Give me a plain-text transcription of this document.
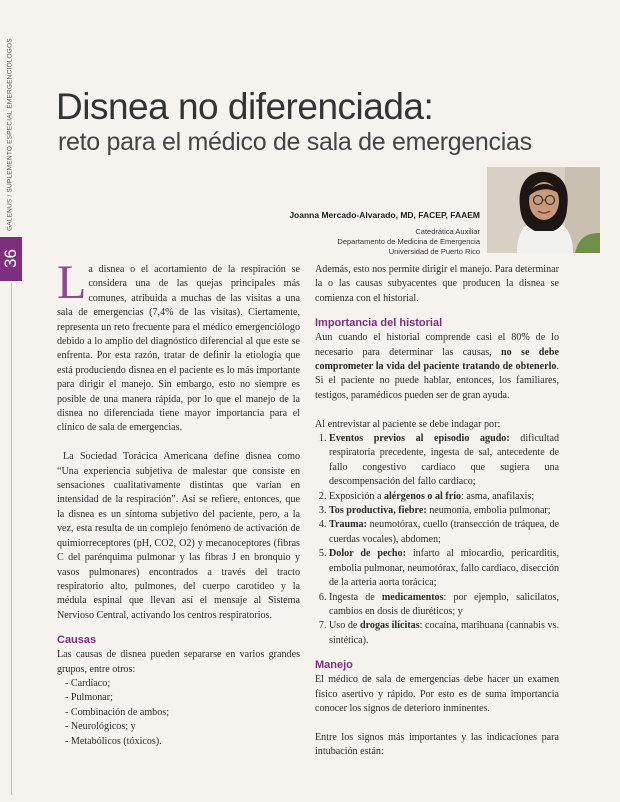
GALENUS / SUPLEMENTO ESPECIAL EMERGENCIÓLOGOS
36
Disnea no diferenciada:
reto para el médico de sala de emergencias
Joanna Mercado-Alvarado, MD, FACEP, FAAEM
Catedrática Auxiliar
Departamento de Medicina de Emergencia
Universidad de Puerto Rico

La disnea o el acortamiento de la respiración se considera una de las quejas principales más comunes, atribuida a muchas de las visitas a una sala de emergencias (7,4% de las visitas). Ciertamente, representa un reto frecuente para el médico emergenciólogo debido a lo amplio del diagnóstico diferencial al que este se enfrenta. Por esta razón, tratar de definir la etiología que está produciendo disnea en el paciente es lo más importante para dirigir el manejo. Sin embargo, esto no siempre es posible de una manera rápida, por lo que el manejo de la disnea no diferenciada tiene mayor importancia para el clínico de sala de emergencias.

La Sociedad Torácica Americana define disnea como “Una experiencia subjetiva de malestar que consiste en sensaciones cualitativamente distintas que varían en intensidad de la respiración”. Así se refiere, entonces, que la disnea es un síntoma subjetivo del paciente, pero, a la vez, esta resulta de un complejo fenómeno de activación de quimiorreceptores (pH, CO2, O2) y mecanoceptores (fibras C del parénquima pulmonar y las fibras J en bronquio y vasos pulmonares) encontrados a través del tracto respiratorio alto, pulmones, del cuerpo carotideo y la médula espinal que llevan así el mensaje al Sistema Nervioso Central, activando los centros respiratorios.

Causas

Las causas de disnea pueden separarse en varios grandes grupos, entre otros:

- Cardíaco;
- Pulmonar;
- Combinación de ambos;
- Neurológicos; y
- Metabólicos (tóxicos).

Además, esto nos permite dirigir el manejo. Para determinar la o las causas subyacentes que producen la disnea se comienza con el historial.

Importancia del historial

Aun cuando el historial comprende casi el 80% de lo necesario para determinar las causas, no se debe comprometer la vida del paciente tratando de obtenerlo. Si el paciente no puede hablar, entonces, los familiares, testigos, paramédicos pueden ser de gran ayuda.

Al entrevistar al paciente se debe indagar por:

1. Eventos previos al episodio agudo: dificultad respiratoria precedente, ingesta de sal, antecedente de fallo congestivo cardíaco que sugiera una descompensación del fallo cardíaco;
2. Exposición a alérgenos o al frío: asma, anafilaxis;
3. Tos productiva, fiebre: neumonía, embolia pulmonar;
4. Trauma: neumotórax, cuello (transección de tráquea, de cuerdas vocales), abdomen;
5. Dolor de pecho: infarto al miocardio, pericarditis, embolia pulmonar, neumotórax, fallo cardíaco, disección de la arteria aorta torácica;
6. Ingesta de medicamentos: por ejemplo, salicilatos, cambios en dosis de diuréticos; y
7. Uso de drogas ilícitas: cocaína, marihuana (cannabis vs. sintética).
Manejo

El médico de sala de emergencias debe hacer un examen físico asertivo y rápido. Por esto es de suma importancia conocer los signos de deterioro inminentes.

Entre los signos más importantes y las indicaciones para intubación están:
